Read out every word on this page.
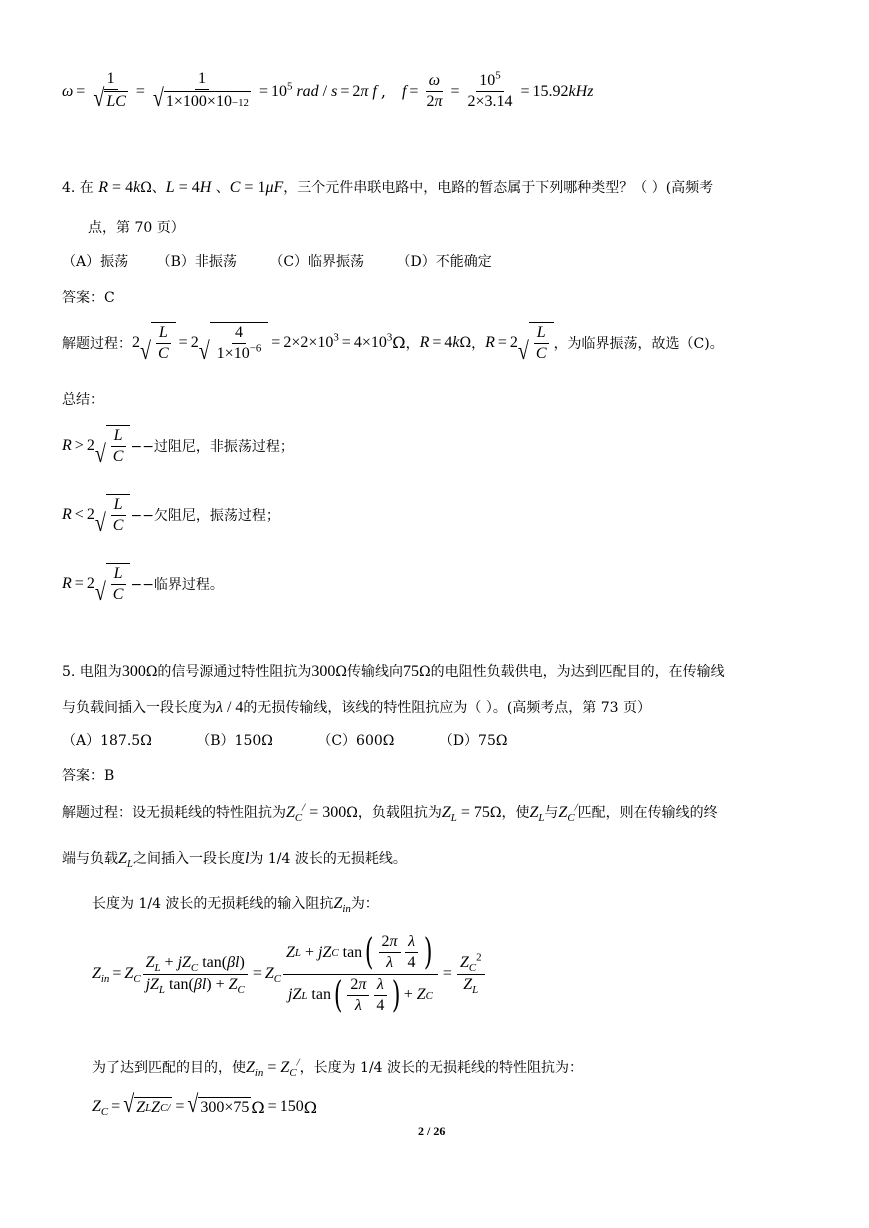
$\omega = \frac{1}{√ LC} = \frac{1}{√ 1\times 100\times 10 -12} = 10^5$
rad
/
s = 2 π f
,
$f = \frac{\omega}{2\pi} = \frac{10^5}{2\times 3.14} = 15.92$ kHz
4. 在 R = 4kΩ、L = 4H 、C = 1μF，三个元件串联电路中，电路的暂态属于下列哪种类型？（ ）(高频考
点，第 70 页）
（A）振荡 （B）非振荡 （C）临界振荡 （D）不能确定
答案：C
解题过程： 2 √ $\frac{L}{C} = 2$ √ $\frac{4}{1\times 10^{-6}} = 2\times 2\times 10^3 = 4\times 10^3$ Ω ， R = 4 k Ω ， R = 2 √ $\frac{L}{C}$ ，为临界振荡，故选（C)。
总结：
R > 2 √ $\frac{L}{C}$ −−过阻尼，非振荡过程；
R < 2 √ $\frac{L}{C}$ −−欠阻尼，振荡过程；
R = 2 √ $\frac{L}{C}$ −−临界过程。
5. 电阻为300Ω的信号源通过特性阻抗为300Ω传输线向75Ω的电阻性负载供电，为达到匹配目的，在传输线
与负载间插入一段长度为λ / 4的无损传输线，该线的特性阻抗应为（ ）。(高频考点，第 73 页）
（A）187.5Ω	（B）150Ω	（C）600Ω	（D）75Ω
答案：B
解题过程：设无损耗线的特性阻抗为$Z_C^/ = 300\Omega$，负载阻抗为$Z_L = 75\Omega$，使$Z_L$与$Z_C^/$匹配，则在传输线的终
端与负载$Z_L$之间插入一段长度l为 1/4 波长的无损耗线。
长度为 1/4 波长的无损耗线的输入阻抗$Z_{in}$为：
$Z_{in} = Z_C \frac{Z_L + jZ_C \tan(\beta l)}{jZ_L \tan(\beta l) + Z_C} = Z_C$ Z L
+ jZ C
tan ( $\frac{2\pi}{\lambda} \frac{\lambda}{4}$ )
jZ L
tan ( $\frac{2\pi}{\lambda} \frac{\lambda}{4}$ ) + Z $C = \frac{Z_C^2}{Z_L}$
为了达到匹配的目的，使$Z_{in} = Z_C^/$，长度为 1/4 波长的无损耗线的特性阻抗为：
$Z_C$ = √ Z L Z C / = √ 300×75 Ω = 150 Ω
2 / 26
